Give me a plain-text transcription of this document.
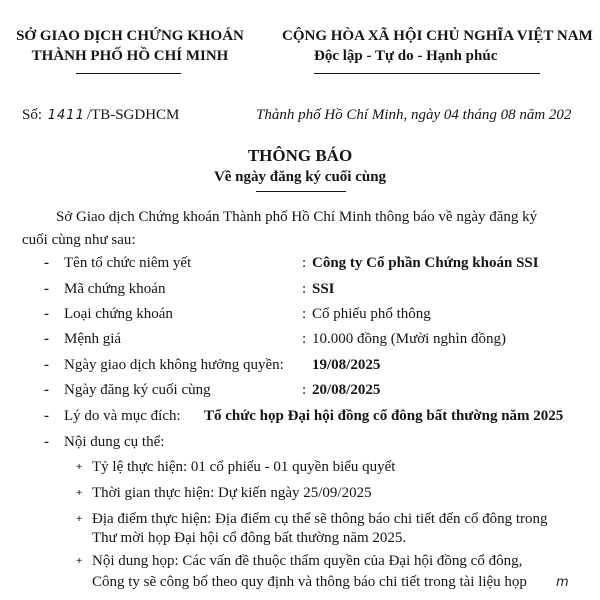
SỞ GIAO DỊCH CHỨNG KHOÁN
THÀNH PHỐ HỒ CHÍ MINH
CỘNG HÒA XÃ HỘI CHỦ NGHĨA VIỆT NAM
Độc lập - Tự do - Hạnh phúc
Số: 1411 /TB-SGDHCM	Thành phố Hồ Chí Minh, ngày 04 tháng 08 năm 202
THÔNG BÁO
Về ngày đăng ký cuối cùng
Sở Giao dịch Chứng khoán Thành phố Hồ Chí Minh thông báo về ngày đăng ký
cuối cùng như sau:
- Tên tổ chức niêm yết	: Công ty Cổ phần Chứng khoán SSI
- Mã chứng khoán	: SSI
- Loại chứng khoán	: Cổ phiếu phổ thông
- Mệnh giá	: 10.000 đồng (Mười nghìn đồng)
- Ngày giao dịch không hưởng quyền: 19/08/2025
- Ngày đăng ký cuối cùng	: 20/08/2025
- Lý do và mục đích: Tổ chức họp Đại hội đồng cổ đông bất thường năm 2025
- Nội dung cụ thể:
+ Tỷ lệ thực hiện: 01 cổ phiếu - 01 quyền biểu quyết
+ Thời gian thực hiện: Dự kiến ngày 25/09/2025
+ Địa điểm thực hiện: Địa điểm cụ thể sẽ thông báo chi tiết đến cổ đông trong
Thư mời họp Đại hội cổ đông bất thường năm 2025.
+ Nội dung họp: Các vấn đề thuộc thẩm quyền của Đại hội đồng cổ đông,
Công ty sẽ công bố theo quy định và thông báo chi tiết trong tài liệu họp m
